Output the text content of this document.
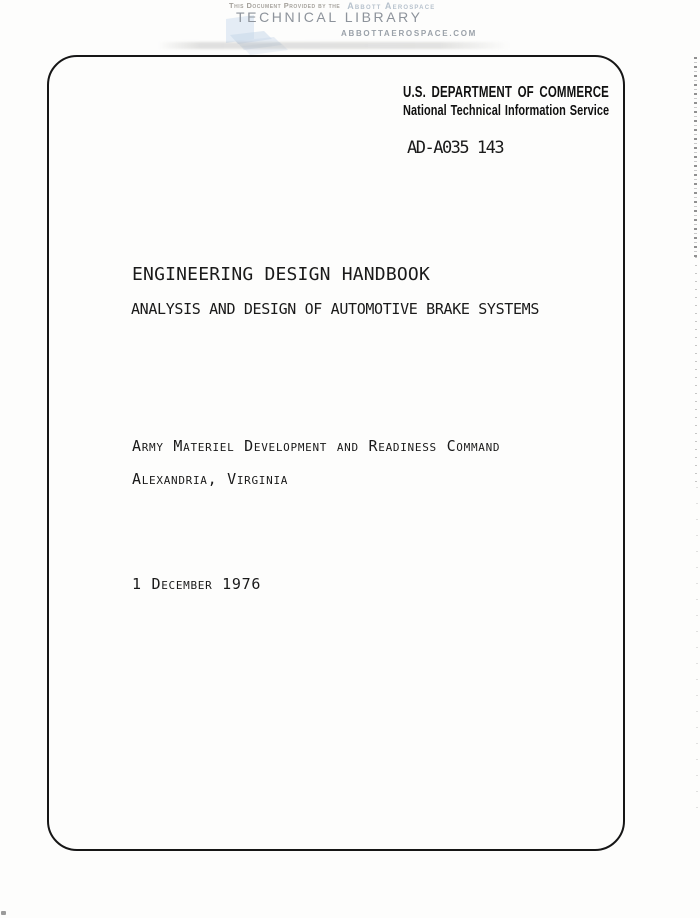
This Document Provided by the Abbott Aerospace
TECHNICAL LIBRARY
ABBOTTAEROSPACE.COM
U.S. DEPARTMENT OF COMMERCE
National Technical Information Service
AD-A035 143
ENGINEERING DESIGN HANDBOOK
ANALYSIS AND DESIGN OF AUTOMOTIVE BRAKE SYSTEMS
Army Materiel Development and Readiness Command
Alexandria, Virginia
1 December 1976
